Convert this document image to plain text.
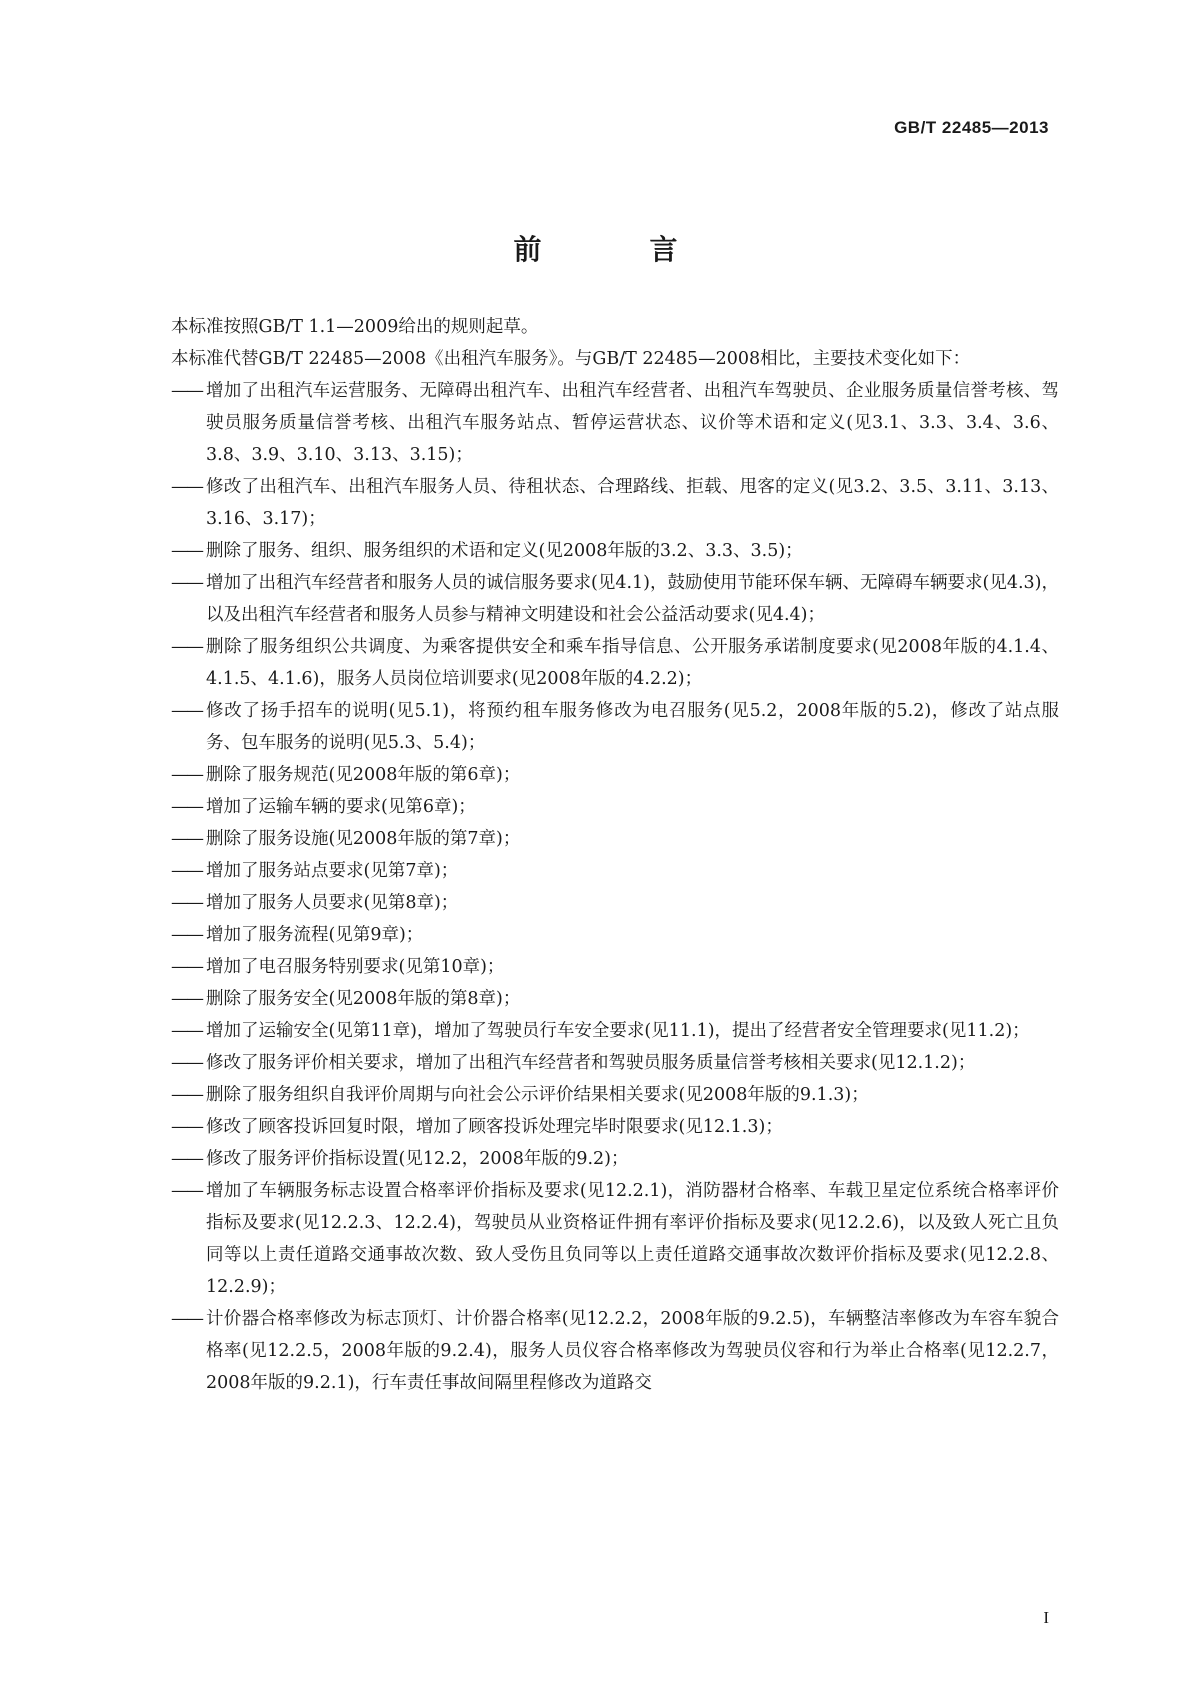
GB/T 22485—2013
前　言

本标准按照GB/T 1.1—2009给出的规则起草。

本标准代替GB/T 22485—2008《出租汽车服务》。与GB/T 22485—2008相比，主要技术变化如下：

—— 增加了出租汽车运营服务、无障碍出租汽车、出租汽车经营者、出租汽车驾驶员、企业服务质量信誉考核、驾驶员服务质量信誉考核、出租汽车服务站点、暂停运营状态、议价等术语和定义(见3.1、3.3、3.4、3.6、3.8、3.9、3.10、3.13、3.15)；
—— 修改了出租汽车、出租汽车服务人员、待租状态、合理路线、拒载、甩客的定义(见3.2、3.5、3.11、3.13、3.16、3.17)；
—— 删除了服务、组织、服务组织的术语和定义(见2008年版的3.2、3.3、3.5)；
—— 增加了出租汽车经营者和服务人员的诚信服务要求(见4.1)，鼓励使用节能环保车辆、无障碍车辆要求(见4.3)，以及出租汽车经营者和服务人员参与精神文明建设和社会公益活动要求(见4.4)；
—— 删除了服务组织公共调度、为乘客提供安全和乘车指导信息、公开服务承诺制度要求(见2008年版的4.1.4、4.1.5、4.1.6)，服务人员岗位培训要求(见2008年版的4.2.2)；
—— 修改了扬手招车的说明(见5.1)，将预约租车服务修改为电召服务(见5.2，2008年版的5.2)，修改了站点服务、包车服务的说明(见5.3、5.4)；
—— 删除了服务规范(见2008年版的第6章)；
—— 增加了运输车辆的要求(见第6章)；
—— 删除了服务设施(见2008年版的第7章)；
—— 增加了服务站点要求(见第7章)；
—— 增加了服务人员要求(见第8章)；
—— 增加了服务流程(见第9章)；
—— 增加了电召服务特别要求(见第10章)；
—— 删除了服务安全(见2008年版的第8章)；
—— 增加了运输安全(见第11章)，增加了驾驶员行车安全要求(见11.1)，提出了经营者安全管理要求(见11.2)；
—— 修改了服务评价相关要求，增加了出租汽车经营者和驾驶员服务质量信誉考核相关要求(见12.1.2)；
—— 删除了服务组织自我评价周期与向社会公示评价结果相关要求(见2008年版的9.1.3)；
—— 修改了顾客投诉回复时限，增加了顾客投诉处理完毕时限要求(见12.1.3)；
—— 修改了服务评价指标设置(见12.2，2008年版的9.2)；
—— 增加了车辆服务标志设置合格率评价指标及要求(见12.2.1)，消防器材合格率、车载卫星定位系统合格率评价指标及要求(见12.2.3、12.2.4)，驾驶员从业资格证件拥有率评价指标及要求(见12.2.6)，以及致人死亡且负同等以上责任道路交通事故次数、致人受伤且负同等以上责任道路交通事故次数评价指标及要求(见12.2.8、12.2.9)；
—— 计价器合格率修改为标志顶灯、计价器合格率(见12.2.2，2008年版的9.2.5)，车辆整洁率修改为车容车貌合格率(见12.2.5，2008年版的9.2.4)，服务人员仪容合格率修改为驾驶员仪容和行为举止合格率(见12.2.7，2008年版的9.2.1)，行车责任事故间隔里程修改为道路交
I
